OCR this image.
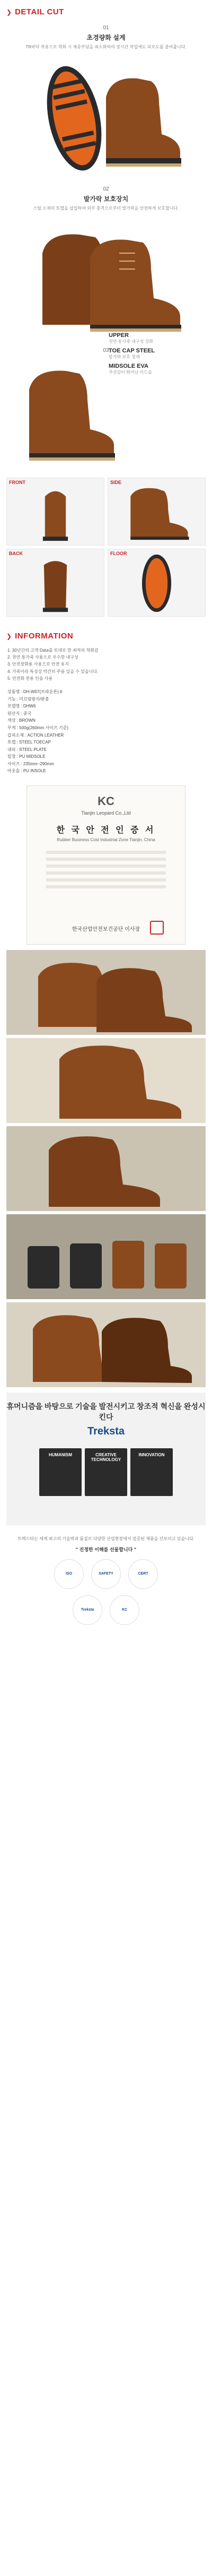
❯ DETAIL CUT
01
초경량화 설계
TR바닥 적용으로 착화 시 체중부담을 최소화하여 장시간 작업에도 피로도를 줄여줍니다.
02
발가락 보호장치
스틸 소재의 토캡을 삽입하여 외부 충격으로부터 발가락을 안전하게 보호합니다.
03
UPPER
천연 통가죽 내구성 강화
TOE CAP STEEL
발가락 보호 철재
MIDSOLE EVA
쿠션감이 뛰어난 미드솔
FRONT	SIDE
BACK	FLOOR
❯ INFORMATION
1. 30년간의 고객 Data를 토대로 한 최적의 착화감
2. 천연 통가죽 사용으로 우수한 내구성
3. 안전장화용 사용으로 안전 유지
4. 가죽이라 특성상 약간의 주름 있을 수 있습니다.
5. 안전화 전용 인솔 사용
상품명 : DH-W07(브라운톤) 6
기능 : 미끄럼방지/완충
모델명 : DHW6
원산지 : 중국
색상 : BROWN
무게 : 500g(260mm 사이즈 기준)
갑피소재 : ACTION LEATHER
토캡 : STEEL TOECAP
내피 : STEEL PLATE
밑창 : PU MIDSOLE
사이즈 : 235mm~290mm
아웃솔 : PU INSOLE
KC
Tianjin Leopard Co.,Ltd
한 국 안 전 인 증 서
Rubber Business Cost Industrial Zone Tianjin, China
한국산업안전보건공단 이사장
휴머니즘을 바탕으로 기술을 발전시키고 창조적 혁신을 완성시킨다
Treksta
HUMANISM	CREATIVE TECHNOLOGY
INNOVATION
트렉스타는 세계 최고의 기술력과 품질로 다양한 산업현장에서 검증된 제품을 선보이고 있습니다.
" 진정한 이해를 선물합니다 "
ISO	SAFETY	CERT
Treksta	KC
